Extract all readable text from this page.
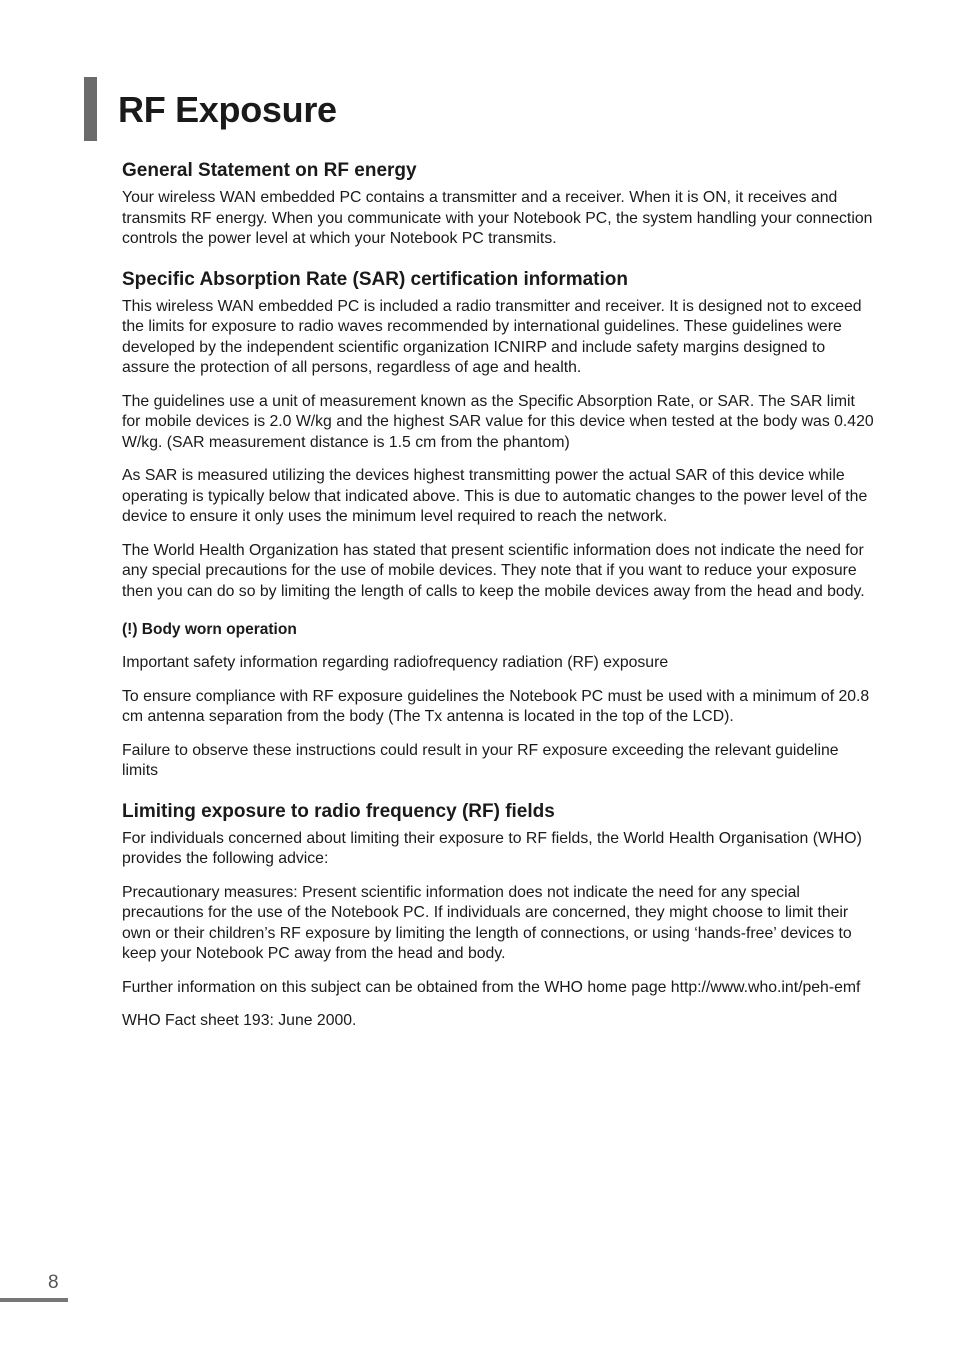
RF Exposure
General Statement on RF energy

Your wireless WAN embedded PC contains a transmitter and a receiver. When it is ON, it receives and transmits RF energy. When you communicate with your Notebook PC, the system handling your connection controls the power level at which your Notebook PC transmits.

Specific Absorption Rate (SAR) certification information

This wireless WAN embedded PC is included a radio transmitter and receiver. It is designed not to exceed the limits for exposure to radio waves recommended by international guidelines. These guidelines were developed by the independent scientific organization ICNIRP and include safety margins designed to assure the protection of all persons, regardless of age and health.

The guidelines use a unit of measurement known as the Specific Absorption Rate, or SAR. The SAR limit for mobile devices is 2.0 W/kg and the highest SAR value for this device when tested at the body was 0.420 W/kg. (SAR measurement distance is 1.5 cm from the phantom)

As SAR is measured utilizing the devices highest transmitting power the actual SAR of this device while operating is typically below that indicated above. This is due to automatic changes to the power level of the device to ensure it only uses the minimum level required to reach the network.

The World Health Organization has stated that present scientific information does not indicate the need for any special precautions for the use of mobile devices. They note that if you want to reduce your exposure then you can do so by limiting the length of calls to keep the mobile devices away from the head and body.

(!) Body worn operation

Important safety information regarding radiofrequency radiation (RF) exposure

To ensure compliance with RF exposure guidelines the Notebook PC must be used with a minimum of 20.8 cm antenna separation from the body (The Tx antenna is located in the top of the LCD).

Failure to observe these instructions could result in your RF exposure exceeding the relevant guideline limits

Limiting exposure to radio frequency (RF) fields

For individuals concerned about limiting their exposure to RF fields, the World Health Organisation (WHO) provides the following advice:

Precautionary measures: Present scientific information does not indicate the need for any special precautions for the use of the Notebook PC. If individuals are concerned, they might choose to limit their own or their children’s RF exposure by limiting the length of connections, or using ‘hands-free’ devices to keep your Notebook PC away from the head and body.

Further information on this subject can be obtained from the WHO home page http://www.who.int/peh-emf

WHO Fact sheet 193: June 2000.

8
